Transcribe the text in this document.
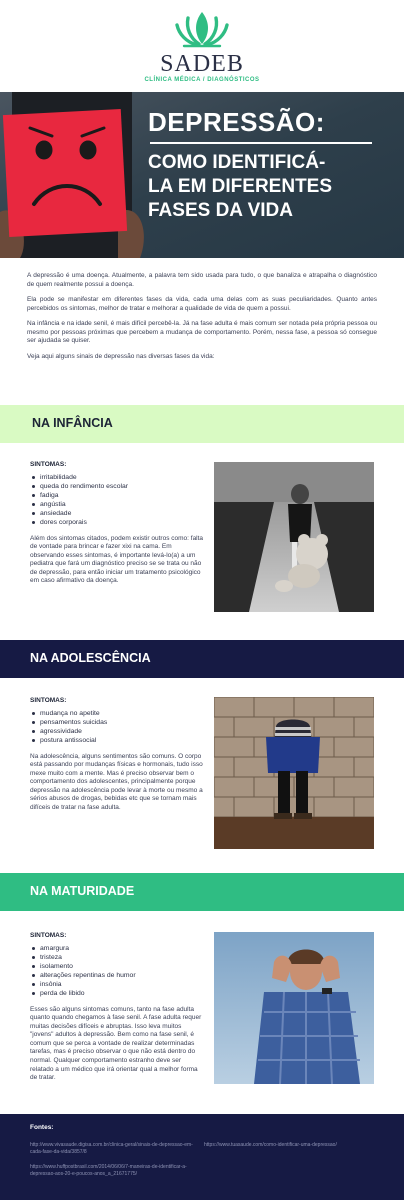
SADEB
CLÍNICA MÉDICA / DIAGNÓSTICOS
DEPRESSÃO:
COMO IDENTIFICÁ-
LA EM DIFERENTES
FASES DA VIDA

A depressão é uma doença. Atualmente, a palavra tem sido usada para tudo, o que banaliza e atrapalha o diagnóstico de quem realmente possui a doença.

Ela pode se manifestar em diferentes fases da vida, cada uma delas com as suas peculiaridades. Quanto antes percebidos os sintomas, melhor de tratar e melhorar a qualidade de vida de quem a possui.

Na infância e na idade senil, é mais difícil percebê-la. Já na fase adulta é mais comum ser notada pela própria pessoa ou mesmo por pessoas próximas que percebem a mudança de comportamento. Porém, nessa fase, a pessoa só consegue ser ajudada se quiser.

Veja aqui alguns sinais de depressão nas diversas fases da vida:

NA INFÂNCIA
SINTOMAS:
irritabilidade
queda do rendimento escolar
fadiga
angústia
ansiedade
dores corporais

Além dos sintomas citados, podem existir outros como: falta de vontade para brincar e fazer xixi na cama. Em observando esses sintomas, é importante levá-lo(a) a um pediatra que fará um diagnóstico preciso se se trata ou não de depressão, para então iniciar um tratamento psicológico em caso afirmativo da doença.

NA ADOLESCÊNCIA
SINTOMAS:
mudança no apetite
pensamentos suicidas
agressividade
postura antissocial

Na adolescência, alguns sentimentos são comuns. O corpo está passando por mudanças físicas e hormonais, tudo isso mexe muito com a mente. Mas é preciso observar bem o comportamento dos adolescentes, principalmente porque depressão na adolescência pode levar à morte ou mesmo a sérios abusos de drogas, bebidas etc que se tornam mais difíceis de tratar na fase adulta.

NA MATURIDADE
SINTOMAS:
amargura
tristeza
isolamento
alterações repentinas de humor
insônia
perda de libido

Esses são alguns sintomas comuns, tanto na fase adulta quanto quando chegamos à fase senil. A fase adulta requer muitas decisões difíceis e abruptas. Isso leva muitos "jovens" adultos à depressão. Bem como na fase senil, é comum que se perca a vontade de realizar determinadas tarefas, mas é preciso observar o que não está dentro do normal. Qualquer comportamento estranho deve ser relatado a um médico que irá orientar qual a melhor forma de tratar.

Fontes:
http://www.vivasaude.digisa.com.br/clinica-geral/sinais-de-depressao-em-cada-fase-da-vida/3857/8
https://www.tuasaude.com/como-identificar-uma-depressao/
https://www.huffpostbrasil.com/2014/06/06/7-maneiras-de-identificar-a-depressao-aos-20-e-poucos-anos_a_21671775/
